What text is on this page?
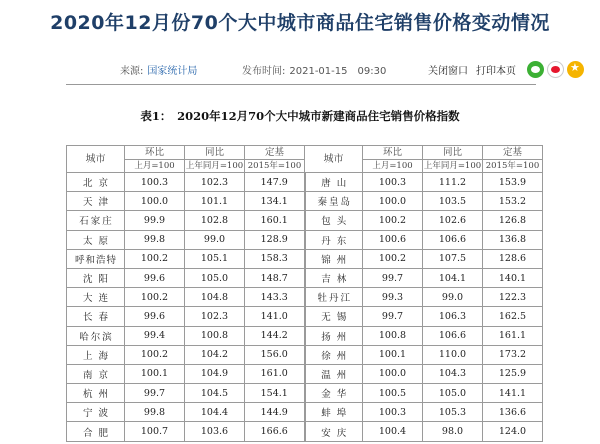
2020年12月份70个大中城市商品住宅销售价格变动情况
来源: 国家统计局	发布时间: 2021-01-15　09:30	关闭窗口 打印本页
★
表1：　2020年12月70个大中城市新建商品住宅销售价格指数
城市	环比	同比	定基	城市	环比	同比	定基
	上月=100	上年同月=100	2015年=100		上月=100	上年同月=100	2015年=100
北京	100.3	102.3	147.9	唐山	100.3	111.2	153.9
天津	100.0	101.1	134.1	秦皇岛	100.0	103.5	153.2
石家庄	99.9	102.8	160.1	包头	100.2	102.6	126.8
太原	99.8	99.0	128.9	丹东	100.6	106.6	136.8
呼和浩特	100.2	105.1	158.3	锦州	100.2	107.5	128.6
沈阳	99.6	105.0	148.7	吉林	99.7	104.1	140.1
大连	100.2	104.8	143.3	牡丹江	99.3	99.0	122.3
长春	99.6	102.3	141.0	无锡	99.7	106.3	162.5
哈尔滨	99.4	100.8	144.2	扬州	100.8	106.6	161.1
上海	100.2	104.2	156.0	徐州	100.1	110.0	173.2
南京	100.1	104.9	161.0	温州	100.0	104.3	125.9
杭州	99.7	104.5	154.1	金华	100.5	105.0	141.1
宁波	99.8	104.4	144.9	蚌埠	100.3	105.3	136.6
合肥	100.7	103.6	166.6	安庆	100.4	98.0	124.0
